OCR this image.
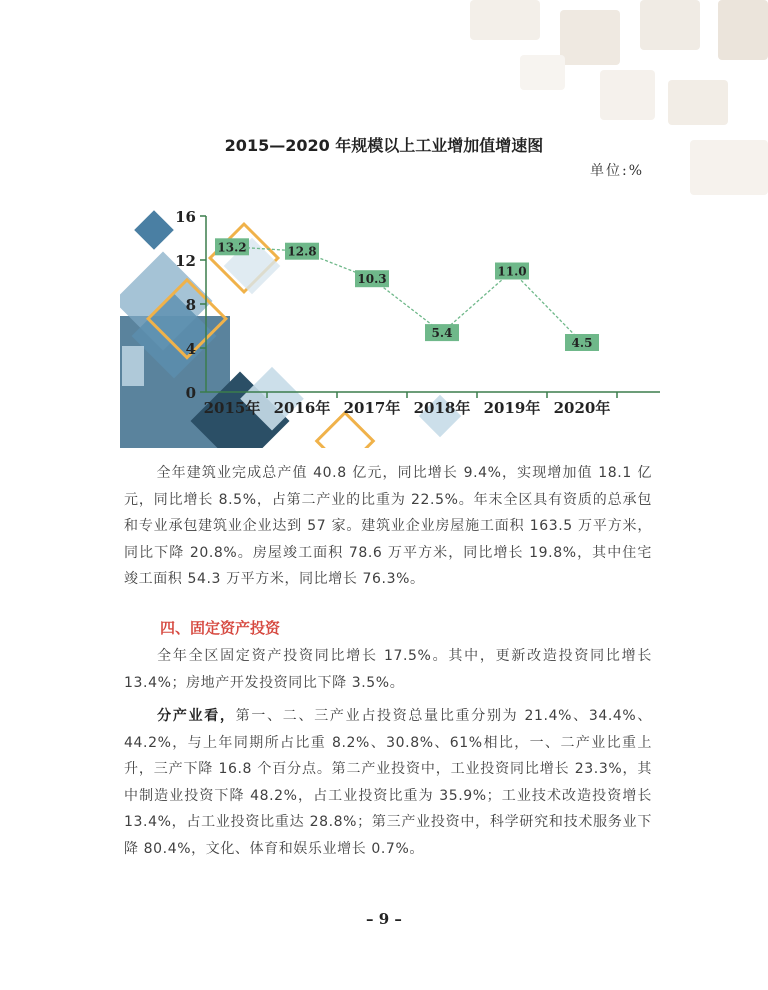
2015—2020 年规模以上工业增加值增速图
单位:%
0
4
8
12
16
2015年 2016年 2017年 2018年 2019年 2020年
13.2	12.8
10.3
5.4
11.0
4.5

全年建筑业完成总产值 40.8 亿元，同比增长 9.4%，实现增加值 18.1 亿元，同比增长 8.5%，占第二产业的比重为 22.5%。年末全区具有资质的总承包和专业承包建筑业企业达到 57 家。建筑业企业房屋施工面积 163.5 万平方米，同比下降 20.8%。房屋竣工面积 78.6 万平方米，同比增长 19.8%，其中住宅竣工面积 54.3 万平方米，同比增长 76.3%。

四、固定资产投资

全年全区固定资产投资同比增长 17.5%。其中，更新改造投资同比增长 13.4%；房地产开发投资同比下降 3.5%。

分产业看，第一、二、三产业占投资总量比重分别为 21.4%、34.4%、44.2%，与上年同期所占比重 8.2%、30.8%、61%相比，一、二产业比重上升，三产下降 16.8 个百分点。第二产业投资中，工业投资同比增长 23.3%，其中制造业投资下降 48.2%，占工业投资比重为 35.9%；工业技术改造投资增长 13.4%，占工业投资比重达 28.8%；第三产业投资中，科学研究和技术服务业下降 80.4%，文化、体育和娱乐业增长 0.7%。

– 9 –
